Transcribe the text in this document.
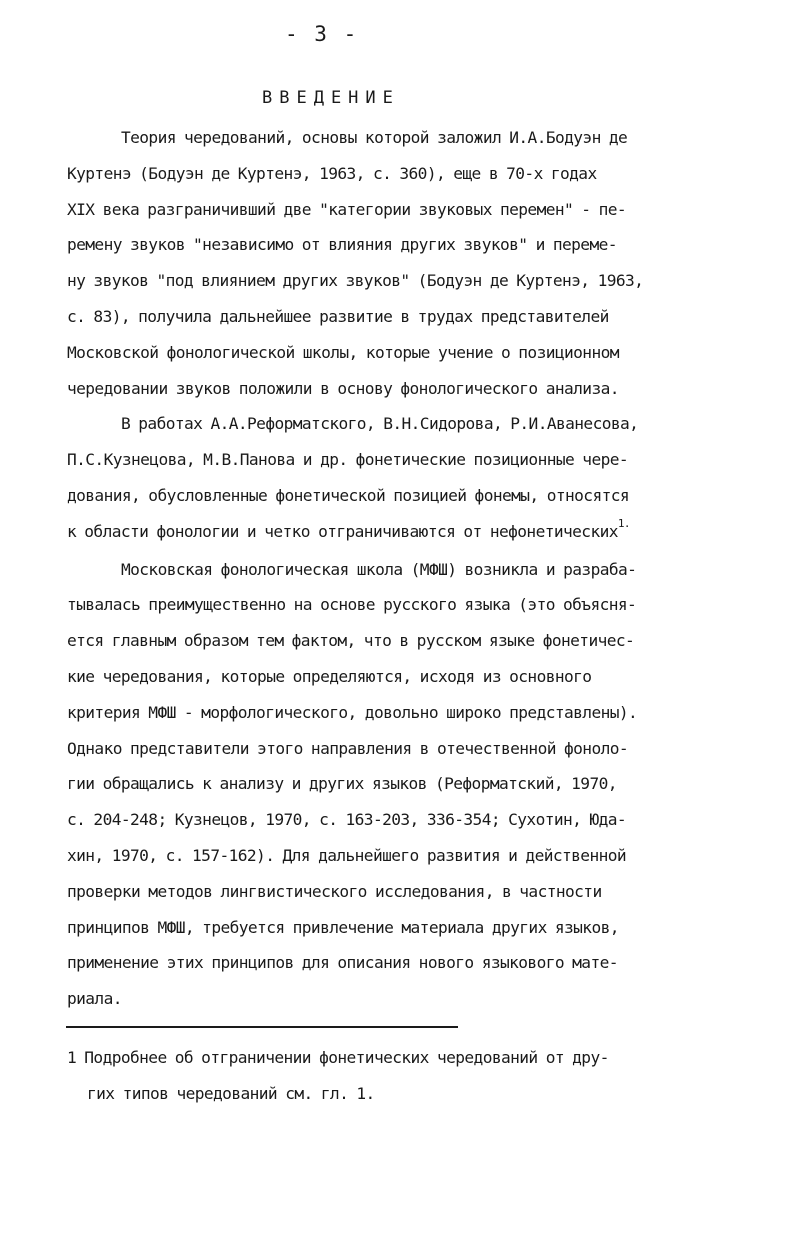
- 3 -
ВВЕДЕНИЕ
Теория чередований, основы которой заложил И.А.Бодуэн де
Куртенэ (Бодуэн де Куртенэ, 1963, с. 360), еще в 70-х годах
XIX века разграничивший две "категории звуковых перемен" - пе-
ремену звуков "независимо от влияния других звуков" и переме-
ну звуков "под влиянием других звуков" (Бодуэн де Куртенэ, 1963,
с. 83), получила дальнейшее развитие в трудах представителей
Московской фонологической школы, которые учение о позиционном
чередовании звуков положили в основу фонологического анализа.
В работах А.А.Реформатского, В.Н.Сидорова, Р.И.Аванесова,
П.С.Кузнецова, М.В.Панова и др. фонетические позиционные чере-
дования, обусловленные фонетической позицией фонемы, относятся
к области фонологии и четко отграничиваются от нефонетических$^{1.}$
Московская фонологическая школа (МФШ) возникла и разраба-
тывалась преимущественно на основе русского языка (это объясня-
ется главным образом тем фактом, что в русском языке фонетичес-
кие чередования, которые определяются, исходя из основного
критерия МФШ - морфологического, довольно широко представлены).
Однако представители этого направления в отечественной фоноло-
гии обращались к анализу и других языков (Реформатский, 1970,
с. 204-248; Кузнецов, 1970, с. 163-203, 336-354; Сухотин, Юда-
хин, 1970, с. 157-162). Для дальнейшего развития и действенной
проверки методов лингвистического исследования, в частности
принципов МФШ, требуется привлечение материала других языков,
применение этих принципов для описания нового языкового мате-
риала.
1 Подробнее об отграничении фонетических чередований от дру-
гих типов чередований см. гл. 1.
